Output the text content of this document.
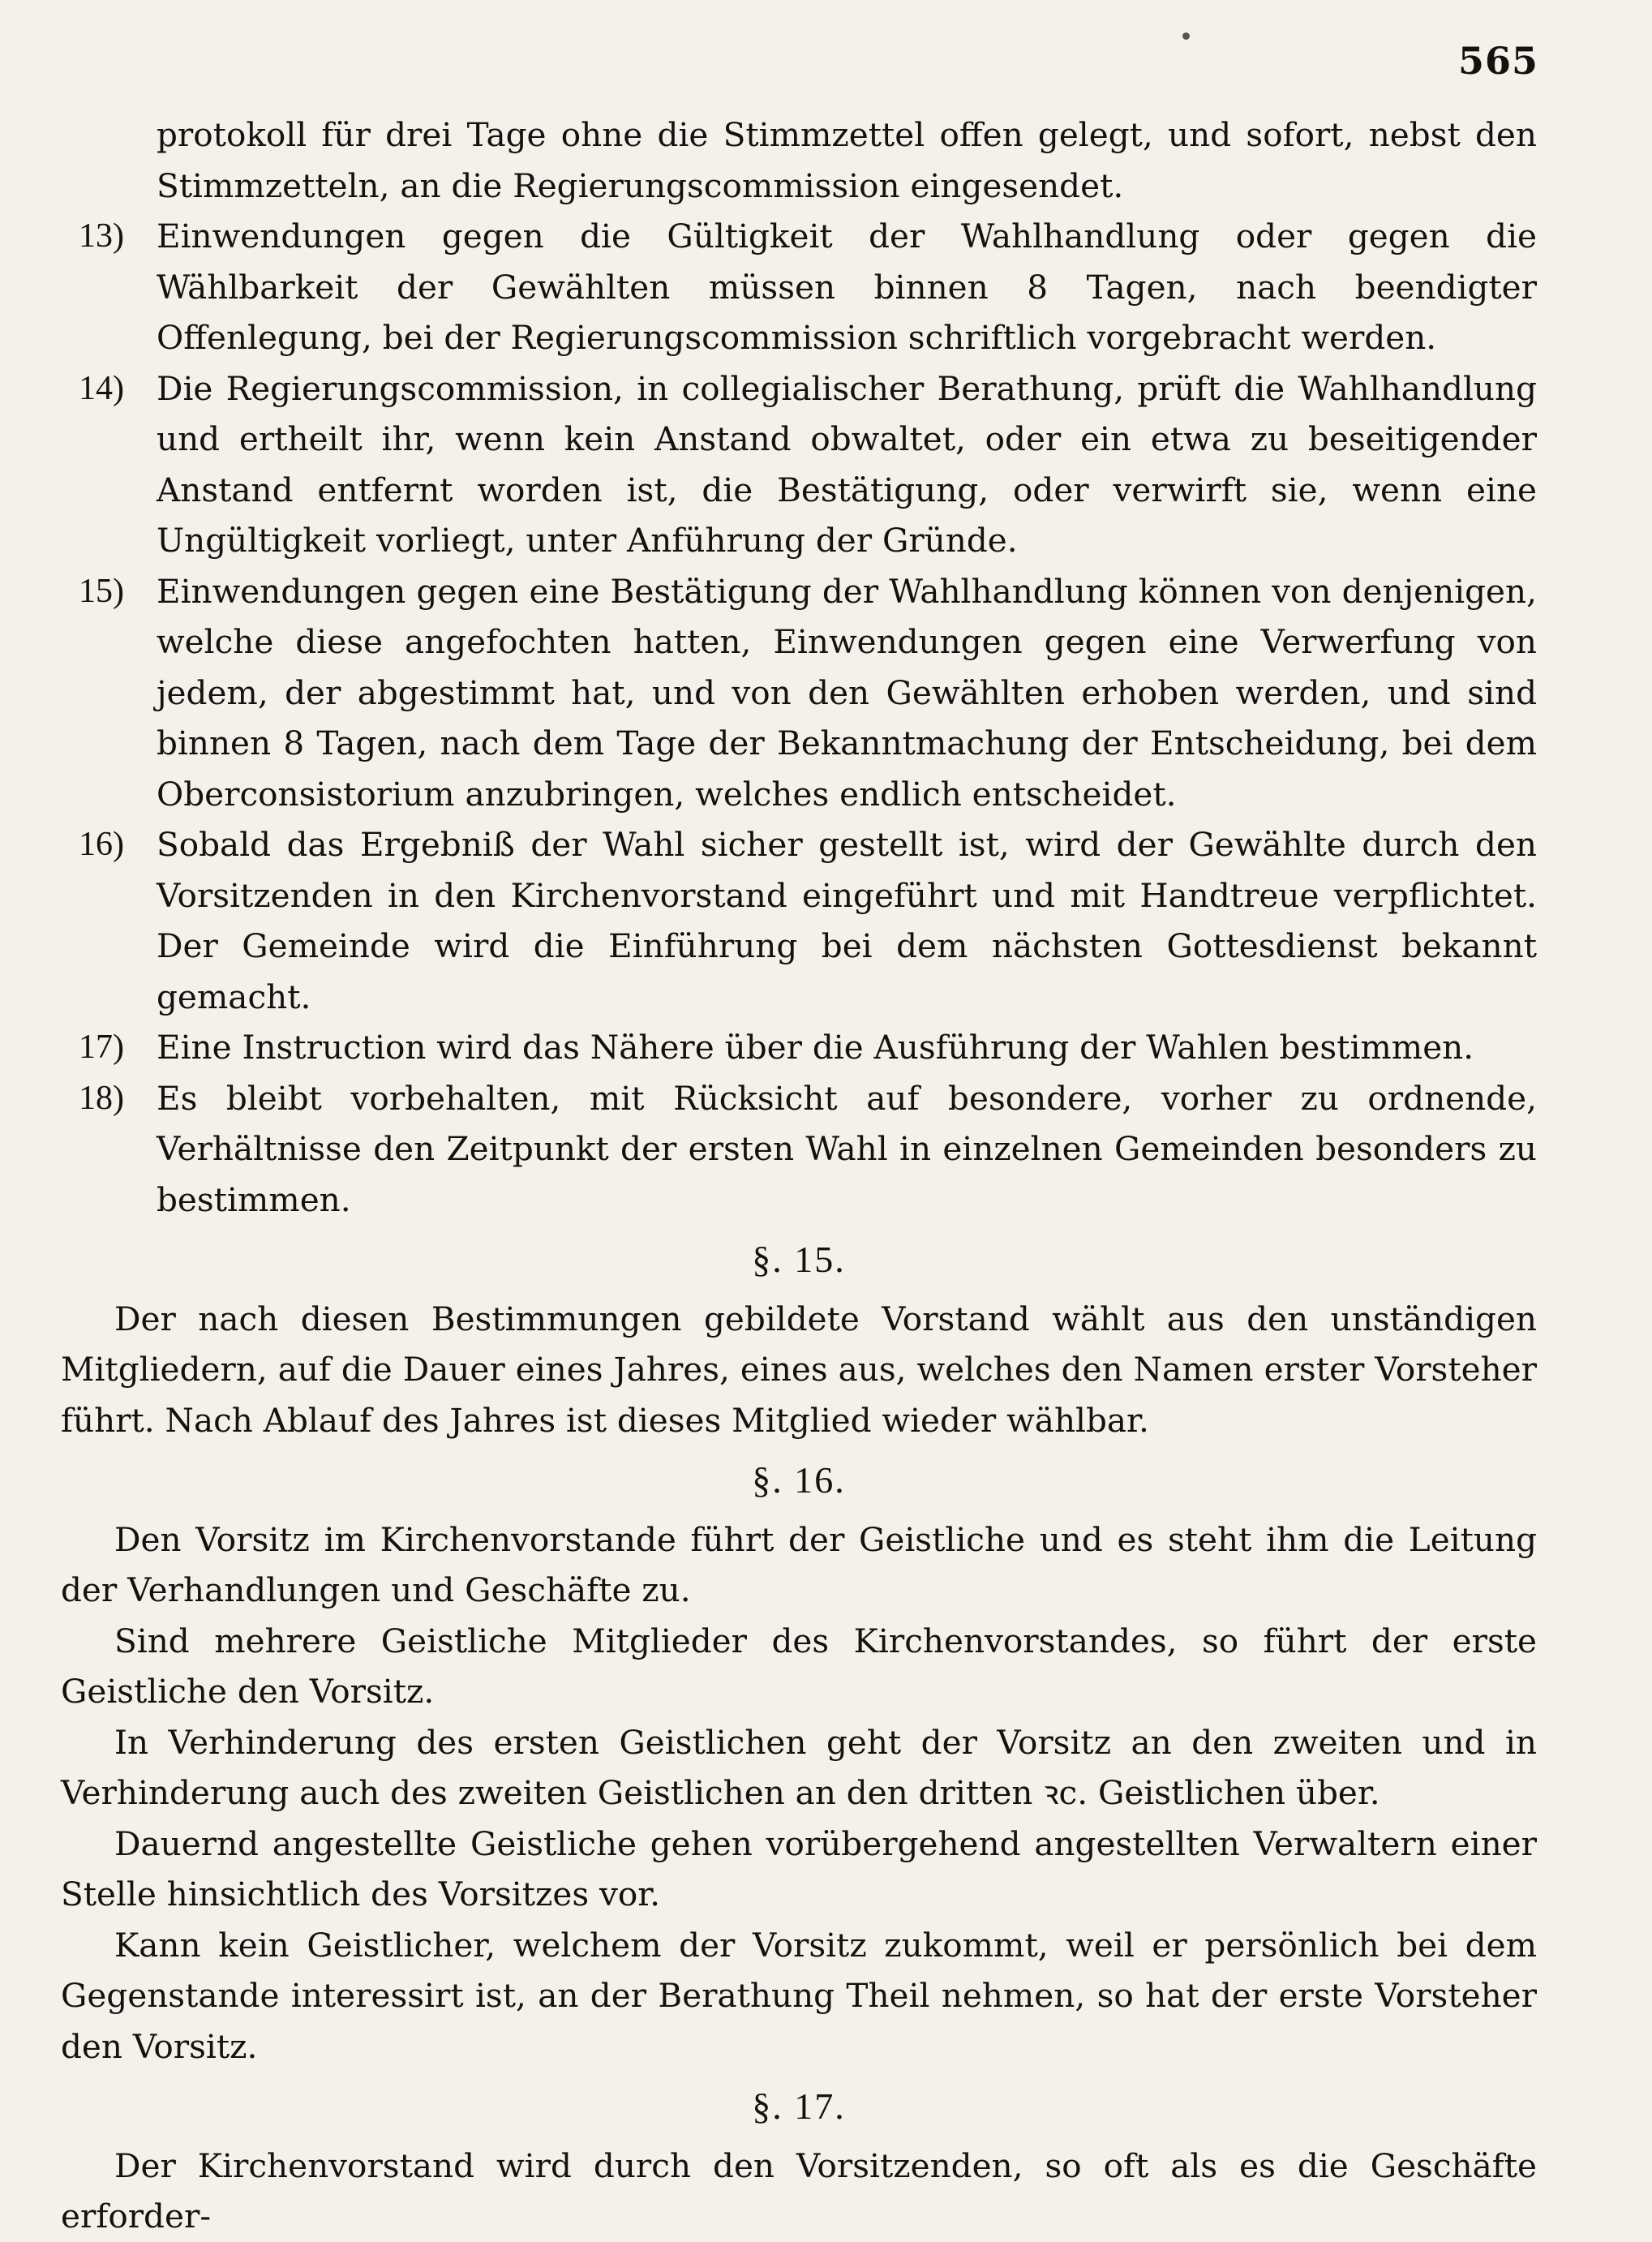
565
protokoll für drei Tage ohne die Stimmzettel offen gelegt, und sofort, nebst den Stimmzetteln, an die Regierungscommission eingesendet.
13) Einwendungen gegen die Gültigkeit der Wahlhandlung oder gegen die Wählbarkeit der Gewählten müssen binnen 8 Tagen, nach beendigter Offenlegung, bei der Regierungscommission schriftlich vorgebracht werden.
14) Die Regierungscommission, in collegialischer Berathung, prüft die Wahlhandlung und ertheilt ihr, wenn kein Anstand obwaltet, oder ein etwa zu beseitigender Anstand entfernt worden ist, die Bestätigung, oder verwirft sie, wenn eine Ungültigkeit vorliegt, unter Anführung der Gründe.
15) Einwendungen gegen eine Bestätigung der Wahlhandlung können von denjenigen, welche diese angefochten hatten, Einwendungen gegen eine Verwerfung von jedem, der abgestimmt hat, und von den Gewählten erhoben werden, und sind binnen 8 Tagen, nach dem Tage der Bekanntmachung der Entscheidung, bei dem Oberconsistorium anzubringen, welches endlich entscheidet.
16) Sobald das Ergebniß der Wahl sicher gestellt ist, wird der Gewählte durch den Vorsitzenden in den Kirchenvorstand eingeführt und mit Handtreue verpflichtet. Der Gemeinde wird die Einführung bei dem nächsten Gottesdienst bekannt gemacht.
17) Eine Instruction wird das Nähere über die Ausführung der Wahlen bestimmen.
18) Es bleibt vorbehalten, mit Rücksicht auf besondere, vorher zu ordnende, Verhältnisse den Zeitpunkt der ersten Wahl in einzelnen Gemeinden besonders zu bestimmen.
§. 15.

Der nach diesen Bestimmungen gebildete Vorstand wählt aus den unständigen Mitgliedern, auf die Dauer eines Jahres, eines aus, welches den Namen erster Vorsteher führt. Nach Ablauf des Jahres ist dieses Mitglied wieder wählbar.

§. 16.

Den Vorsitz im Kirchenvorstande führt der Geistliche und es steht ihm die Leitung der Verhandlungen und Geschäfte zu.

Sind mehrere Geistliche Mitglieder des Kirchenvorstandes, so führt der erste Geistliche den Vorsitz.

In Verhinderung des ersten Geistlichen geht der Vorsitz an den zweiten und in Verhinderung auch des zweiten Geistlichen an den dritten ꝛc. Geistlichen über.

Dauernd angestellte Geistliche gehen vorübergehend angestellten Verwaltern einer Stelle hinsichtlich des Vorsitzes vor.

Kann kein Geistlicher, welchem der Vorsitz zukommt, weil er persönlich bei dem Gegenstande interessirt ist, an der Berathung Theil nehmen, so hat der erste Vorsteher den Vorsitz.

§. 17.

Der Kirchenvorstand wird durch den Vorsitzenden, so oft als es die Geschäfte erforder-
